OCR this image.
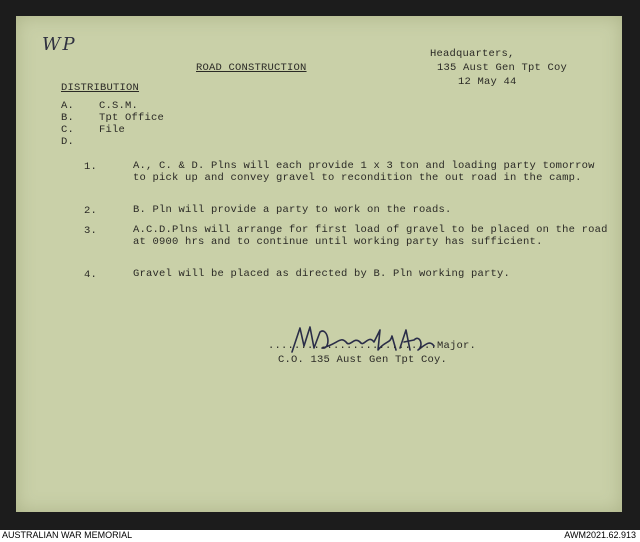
WP
ROAD CONSTRUCTION
Headquarters,
135 Aust Gen Tpt Coy
12 May 44
DISTRIBUTION
A. C.S.M.
B. Tpt Office
C. File
D.
1.	A., C. & D. Plns will each provide 1 x 3 ton and loading party tomorrow to pick up and convey gravel to recondition the out road in the camp.
2.	B. Pln will provide a party to work on the roads.
3.	A.C.D.Plns will arrange for first load of gravel to be placed on the road at 0900 hrs and to continue until working party has sufficient.
4.	Gravel will be placed as directed by B. Pln working party.
..........................Major.
C.O. 135 Aust Gen Tpt Coy.
AUSTRALIAN WAR MEMORIAL	AWM2021.62.913
